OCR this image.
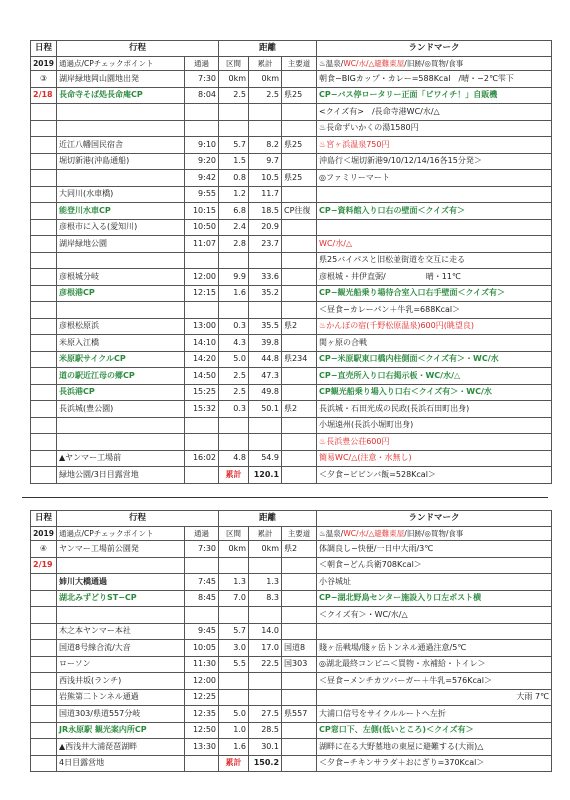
日程	行程		距離			ランドマーク
2019	通過点/CPチェックポイント	通過	区間	累計	主要道	♨温泉/WC/水/△避難東屋/旧跡/◎買物/食事
③	湖岸緑地岡山園地出発	7:30	0km	0km		朝食−BIGカップ・カレー=588Kcal　/晴・−2℃雫下
2/18	長命寺そば処長命庵CP	8:04	2.5	2.5	県25	CP−バス停ロータリー正面「ビワイチ！」自販機
						<クイズ有>　/長命寺港WC/水/△
						♨長命ずいかくの湯1580円
	近江八幡国民宿舎	9:10	5.7	8.2	県25	♨宮ヶ浜温泉750円
	堀切新港(沖島通船)	9:20	1.5	9.7		沖島行＜堀切新港9/10/12/14/16各15分発＞
		9:42	0.8	10.5	県25	◎ファミリーマート
	大同川(水車橋)	9:55	1.2	11.7		
	能登川水車CP	10:15	6.8	18.5	CP往復	CP−資料館入り口右の壁面＜クイズ有＞
	彦根市に入る(愛知川)	10:50	2.4	20.9		
	湖岸緑地公園	11:07	2.8	23.7		WC/水/△
						県25バイパスと旧松並街道を交互に走る
	彦根城分岐	12:00	9.9	33.6		彦根城・井伊直弼/　　　　　晴・11℃
	彦根港CP	12:15	1.6	35.2		CP−観光船乗り場待合室入口右手壁面＜クイズ有＞
						＜昼食−カレーパン＋牛乳=688Kcal＞
	彦根松原浜	13:00	0.3	35.5	県2	♨かんぽの宿(千野松原温泉)600円(眺望良)
	米原入江橋	14:10	4.3	39.8		関ヶ原の合戦
	米原駅サイクルCP	14:20	5.0	44.8	県234	CP−米原駅東口橋内柱側面＜クイズ有＞・WC/水
	道の駅近江母の郷CP	14:50	2.5	47.3		CP−直売所入り口右掲示板・WC/水/△
	長浜港CP	15:25	2.5	49.8		CP観光船乗り場入り口右＜クイズ有＞・WC/水
	長浜城(豊公園)	15:32	0.3	50.1	県2	長浜城・石田光成の民政(長浜石田町出身)
						小堀遠州(長浜小堀町出身)
						♨長浜豊公荘600円
	▲ヤンマー工場前	16:02	4.8	54.9		簡易WC/△(注意・水無し)
	緑地公園/3日目露営地		累計	120.1		＜夕食−ビビンバ飯=528Kcal＞
日程	行程		距離			ランドマーク
2019	通過点/CPチェックポイント	通過	区間	累計	主要道	♨温泉/WC/水/△避難東屋/旧跡/◎買物/食事
④	ヤンマー工場前公園発	7:30	0km	0km	県2	体調良し−快便/一日中大雨/3℃
2/19						＜朝食−どん兵衛708Kcal＞
	姉川大橋通過	7:45	1.3	1.3		小谷城址
	湖北みずどりST−CP	8:45	7.0	8.3		CP−湖北野鳥センター施設入り口左ポスト横
						＜クイズ有＞・WC/水/△
	木之本ヤンマー本社	9:45	5.7	14.0		
	国道8号線合流/大音	10:05	3.0	17.0	国道8	賤ヶ岳戦場/賤ヶ岳トンネル通過注意/5℃
	ローソン	11:30	5.5	22.5	国303	◎湖北最終コンビニ＜買物・水補給・トイレ＞
	西浅井坂(ランチ)	12:00				＜昼食−メンチカツバーガー＋牛乳=576Kcal＞
	岩熊第二トンネル通過	12:25				大雨 7℃
	国道303/県道557分岐	12:35	5.0	27.5	県557	大浦口信号をサイクルルートへ左折
	JR永原駅 観光案内所CP	12:50	1.0	28.5		CP窓口下、左側(低いところ)＜クイズ有＞
	▲西浅井大浦琵琶湖畔	13:30	1.6	30.1		湖畔に在る大野墓地の東屋に避難する(大雨)△
	4日目露営地		累計	150.2		＜夕食−チキンサラダ＋おにぎり=370Kcal＞
